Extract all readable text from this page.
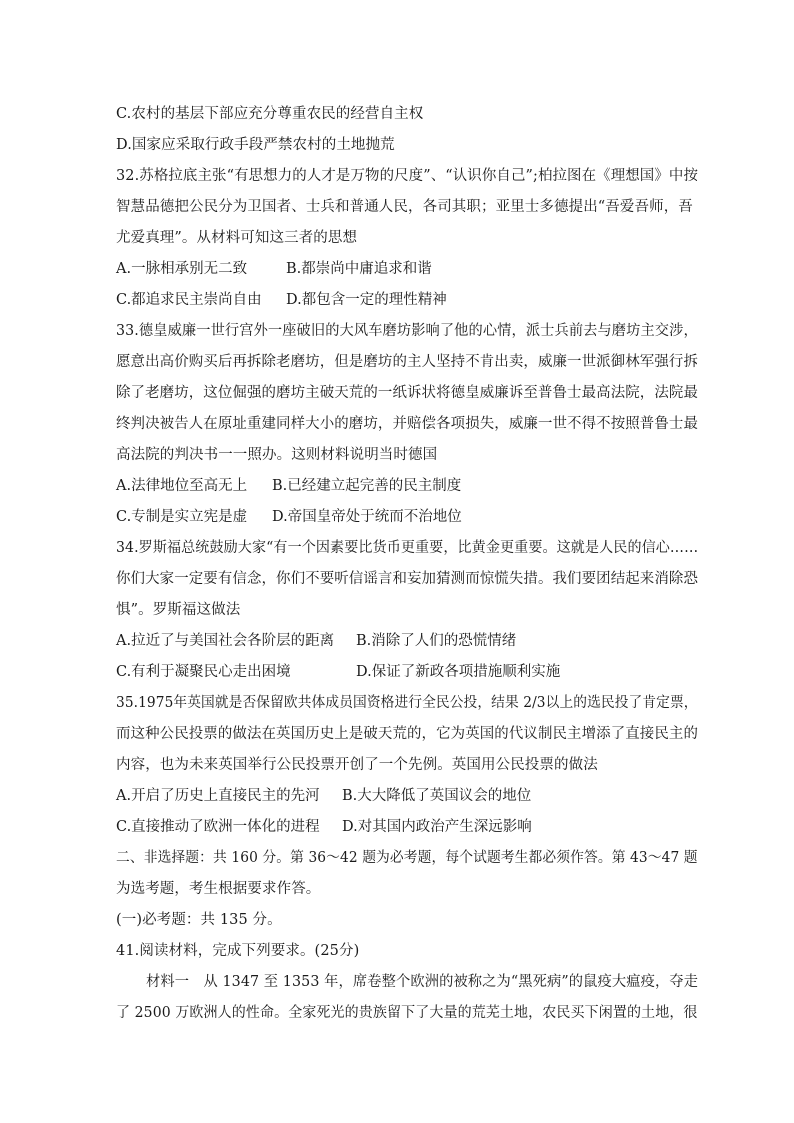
C.农村的基层下部应充分尊重农民的经营自主权
D.国家应采取行政手段严禁农村的土地抛荒
32.苏格拉底主张“有思想力的人才是万物的尺度”、“认识你自己”;柏拉图在《理想国》中按
智慧品德把公民分为卫国者、士兵和普通人民，各司其职；亚里士多德提出“吾爱吾师，吾
尤爱真理”。从材料可知这三者的思想
A.一脉相承别无二致	B.都崇尚中庸追求和谐
C.都追求民主崇尚自由 D.都包含一定的理性精神
33.德皇威廉一世行宫外一座破旧的大风车磨坊影响了他的心情，派士兵前去与磨坊主交涉，
愿意出高价购买后再拆除老磨坊，但是磨坊的主人坚持不肯出卖，威廉一世派御林军强行拆
除了老磨坊，这位倔强的磨坊主破天荒的一纸诉状将德皇威廉诉至普鲁士最高法院，法院最
终判决被告人在原址重建同样大小的磨坊，并赔偿各项损失，威廉一世不得不按照普鲁士最
高法院的判决书一一照办。这则材料说明当时德国
A.法律地位至高无上 B.已经建立起完善的民主制度
C.专制是实立宪是虚 D.帝国皇帝处于统而不治地位
34.罗斯福总统鼓励大家“有一个因素要比货币更重要，比黄金更重要。这就是人民的信心……
你们大家一定要有信念，你们不要听信谣言和妄加猜测而惊慌失措。我们要团结起来消除恐
惧”。罗斯福这做法
A.拉近了与美国社会各阶层的距离 B.消除了人们的恐慌情绪
C.有利于凝聚民心走出困境	D.保证了新政各项措施顺利实施
35.1975年英国就是否保留欧共体成员国资格进行全民公投，结果 2/3以上的选民投了肯定票，
而这种公民投票的做法在英国历史上是破天荒的，它为英国的代议制民主增添了直接民主的
内容，也为未来英国举行公民投票开创了一个先例。英国用公民投票的做法
A.开启了历史上直接民主的先河 B.大大降低了英国议会的地位
C.直接推动了欧洲一体化的进程 D.对其国内政治产生深远影响
二、非选择题：共 160 分。第 36～42 题为必考题，每个试题考生都必须作答。第 43～47 题
为选考题，考生根据要求作答。
(一)必考题：共 135 分。
41.阅读材料，完成下列要求。(25分)
材料一　从 1347 至 1353 年，席卷整个欧洲的被称之为“黑死病”的鼠疫大瘟疫，夺走
了 2500 万欧洲人的性命。全家死光的贵族留下了大量的荒芜土地，农民买下闲置的土地，很
